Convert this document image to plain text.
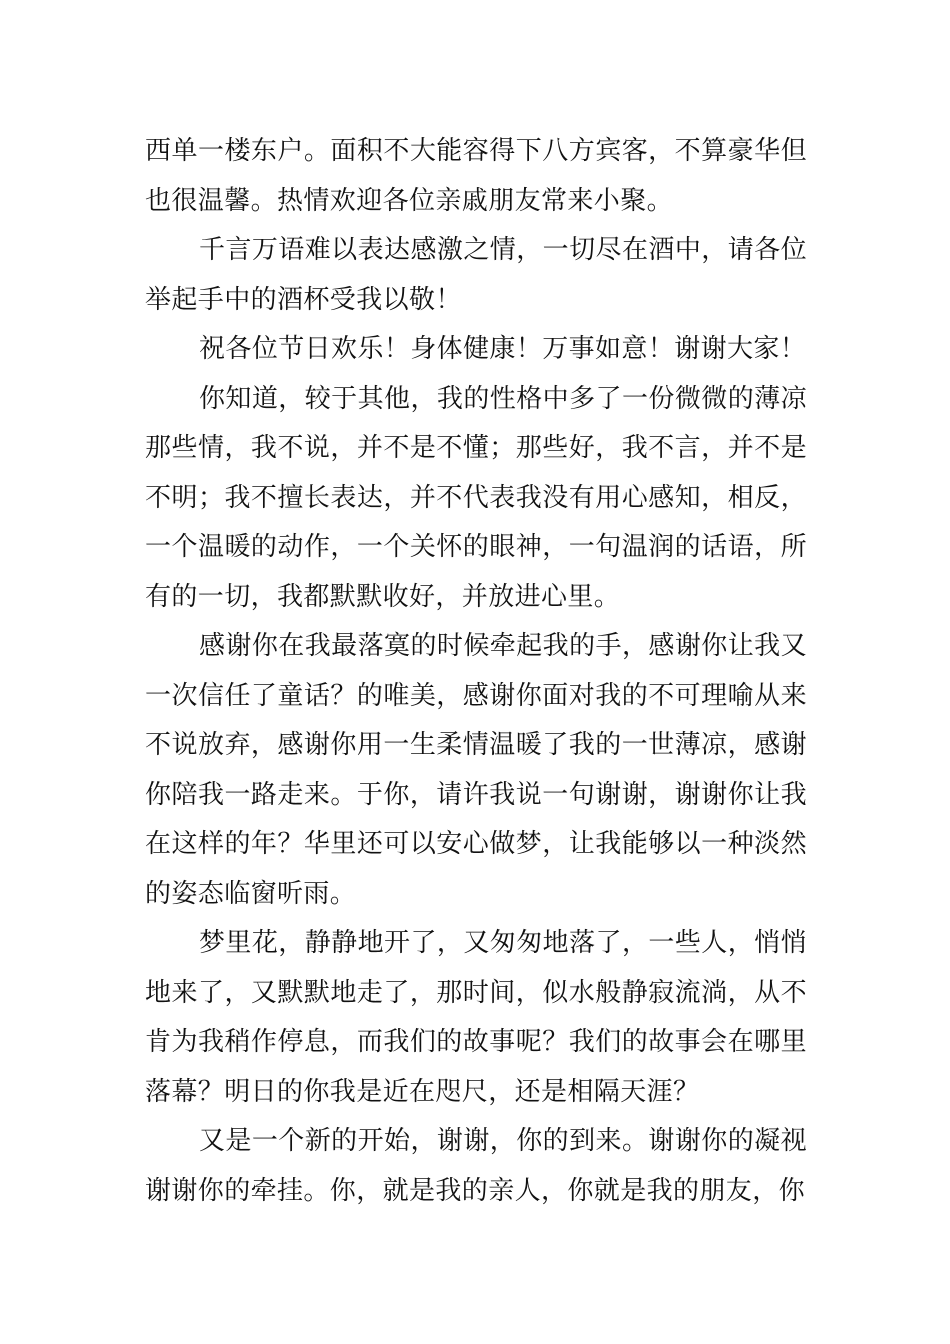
西单一楼东户。面积不大能容得下八方宾客，不算豪华但也很温馨。热情欢迎各位亲戚朋友常来小聚。

千言万语难以表达感激之情，一切尽在酒中，请各位举起手中的酒杯受我以敬！

祝各位节日欢乐！身体健康！万事如意！谢谢大家！

你知道，较于其他，我的性格中多了一份微微的薄凉那些情，我不说，并不是不懂；那些好，我不言，并不是不明；我不擅长表达，并不代表我没有用心感知，相反，一个温暖的动作，一个关怀的眼神，一句温润的话语，所有的一切，我都默默收好，并放进心里。

感谢你在我最落寞的时候牵起我的手，感谢你让我又一次信任了童话？的唯美，感谢你面对我的不可理喻从来不说放弃，感谢你用一生柔情温暖了我的一世薄凉，感谢你陪我一路走来。于你，请许我说一句谢谢，谢谢你让我在这样的年？华里还可以安心做梦，让我能够以一种淡然的姿态临窗听雨。

梦里花，静静地开了，又匆匆地落了，一些人，悄悄地来了，又默默地走了，那时间，似水般静寂流淌，从不肯为我稍作停息，而我们的故事呢？我们的故事会在哪里落幕？明日的你我是近在咫尺，还是相隔天涯？

又是一个新的开始，谢谢，你的到来。谢谢你的凝视谢谢你的牵挂。你，就是我的亲人，你就是我的朋友，你
